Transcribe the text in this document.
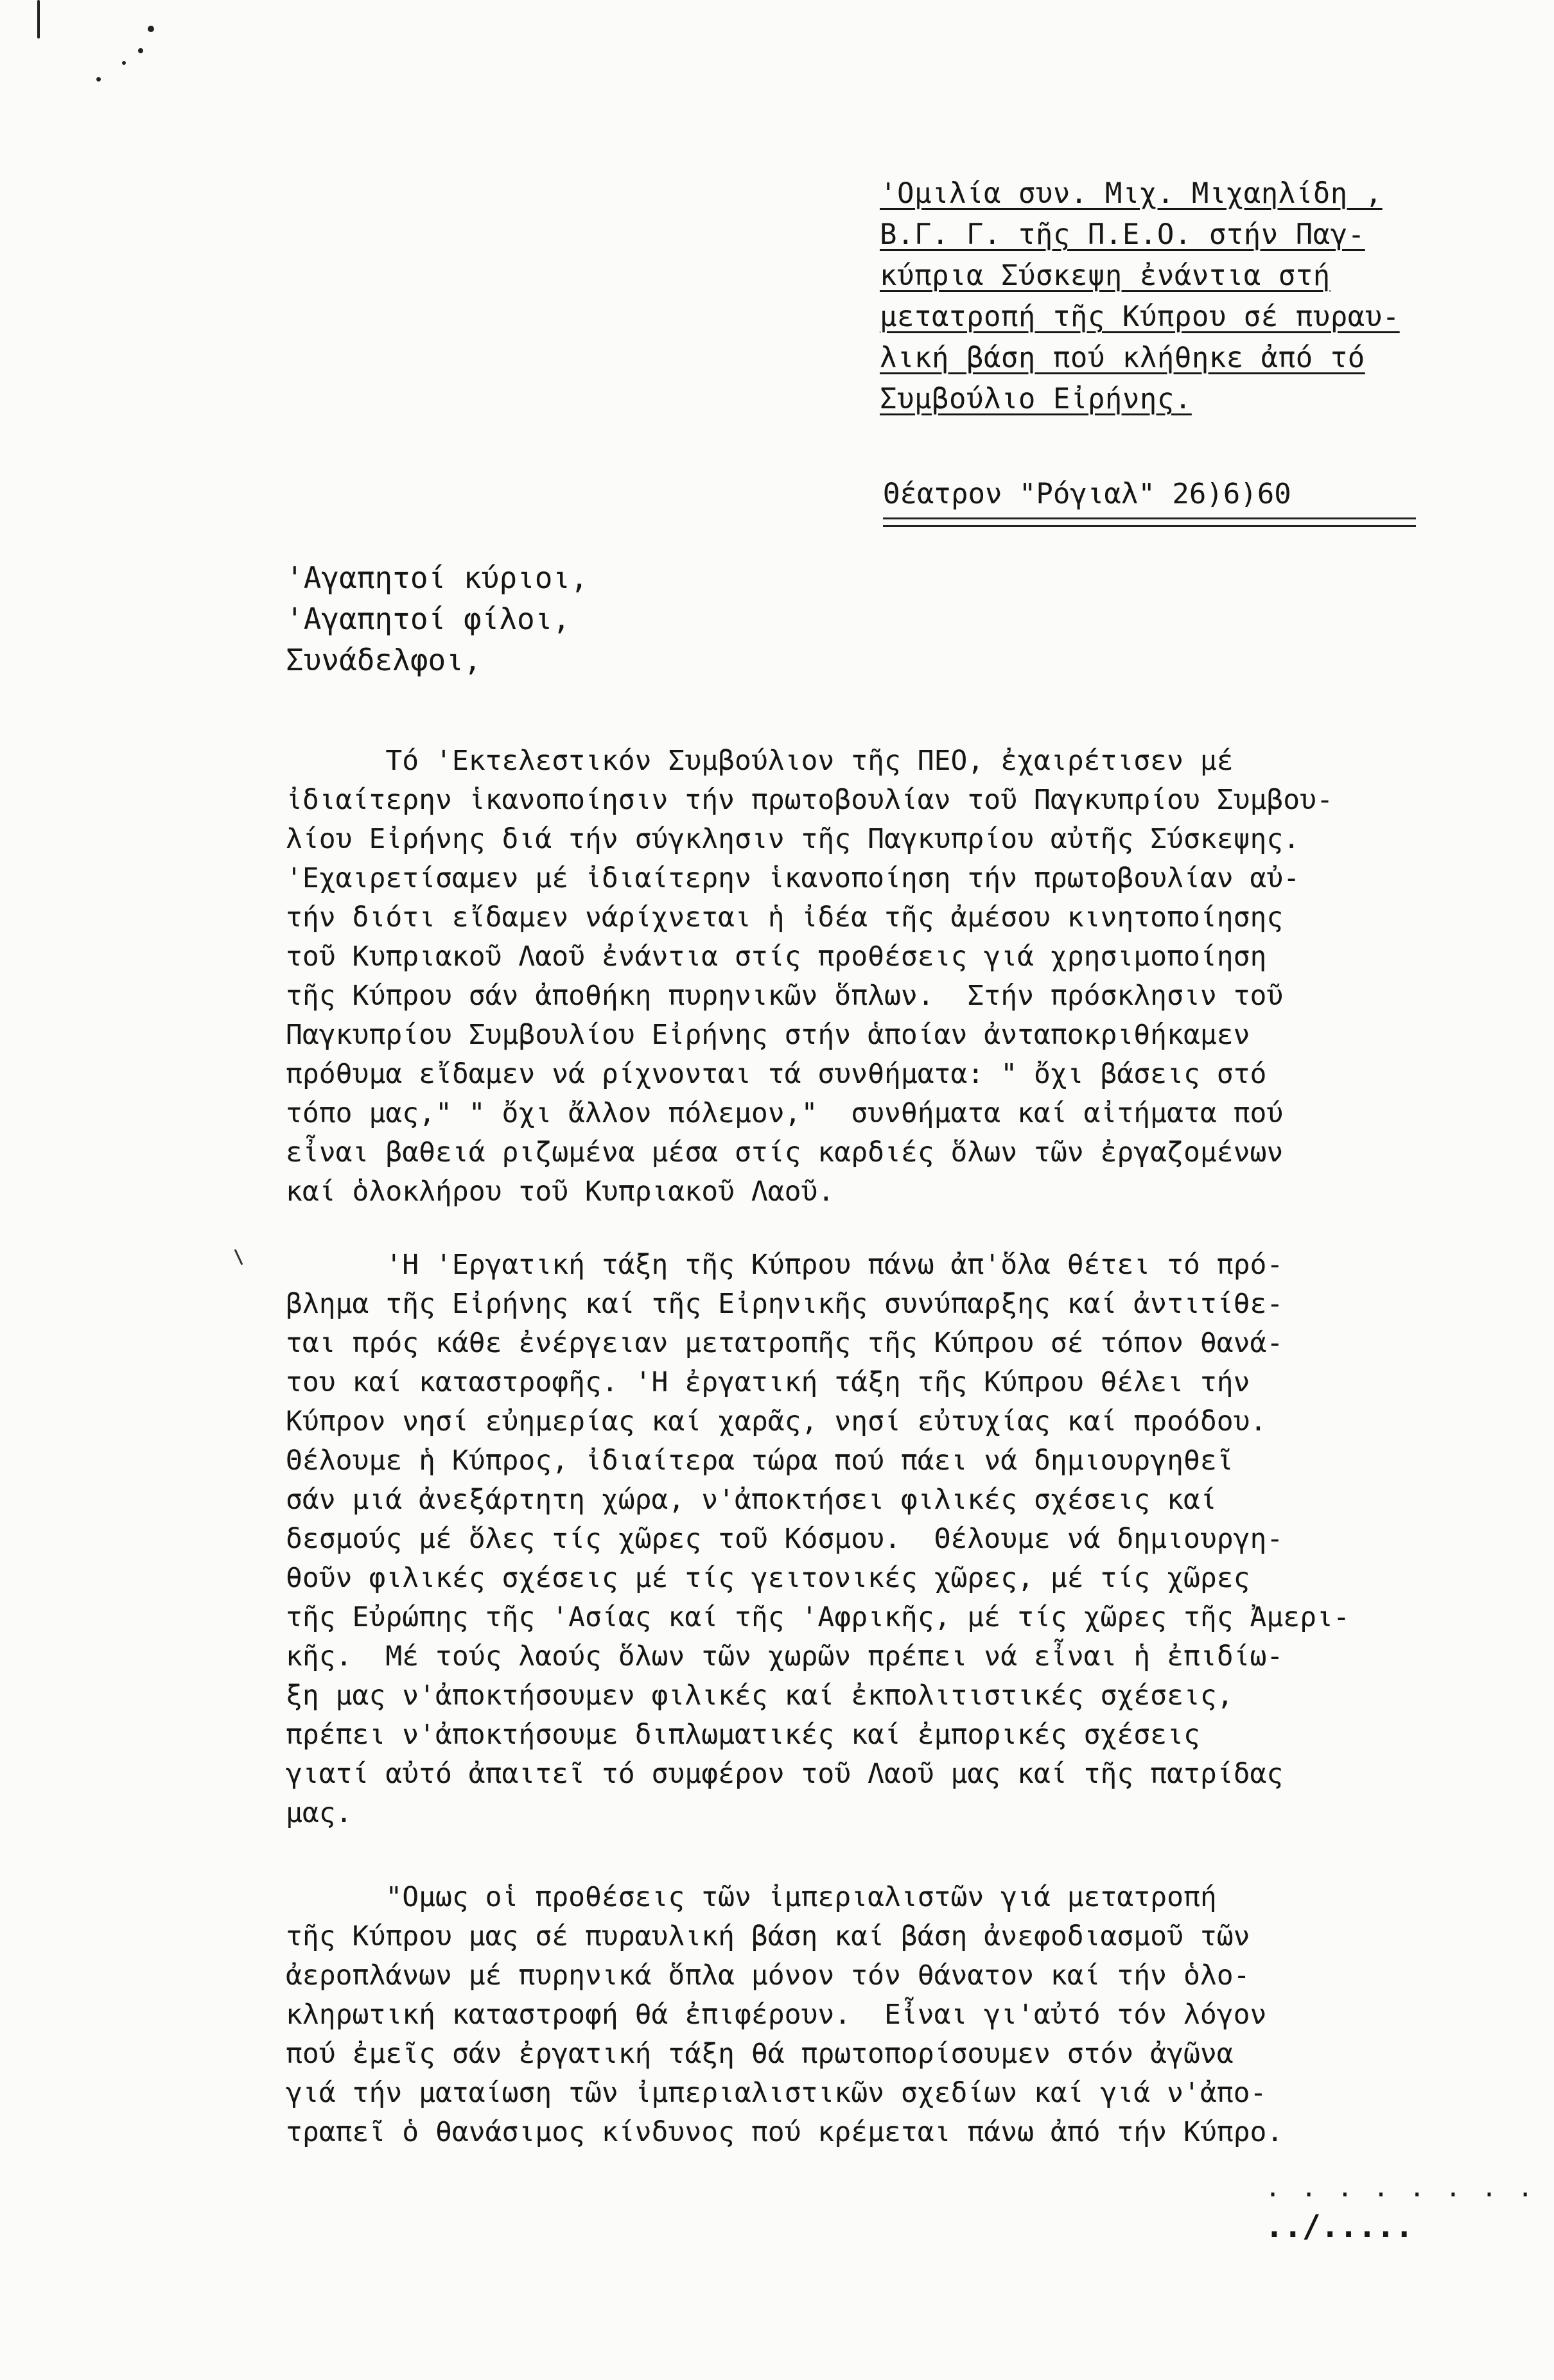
'Ομιλία συν. Μιχ. Μιχαηλίδη ,
Β.Γ. Γ. τῆς Π.Ε.Ο. στήν Παγ-
κύπρια Σύσκεψη ἐνάντια στή
μετατροπή τῆς Κύπρου σέ πυραυ-
λική βάση πού κλήθηκε ἀπό τό
Συμβούλιο Εἰρήνης.
Θέατρον "Ρόγιαλ" 26)6)60
'Αγαπητοί κύριοι,
'Αγαπητοί φίλοι,
Συνάδελφοι,
Τό 'Εκτελεστικόν Συμβούλιον τῆς ΠΕΟ, ἐχαιρέτισεν μέ
ἰδιαίτερην ἱκανοποίησιν τήν πρωτοβουλίαν τοῦ Παγκυπρίου Συμβου-
λίου Εἰρήνης διά τήν σύγκλησιν τῆς Παγκυπρίου αὐτῆς Σύσκεψης.
'Εχαιρετίσαμεν μέ ἰδιαίτερην ἱκανοποίηση τήν πρωτοβουλίαν αὐ-
τήν διότι εἴδαμεν νάρίχνεται ἡ ἰδέα τῆς ἀμέσου κινητοποίησης
τοῦ Κυπριακοῦ Λαοῦ ἐνάντια στίς προθέσεις γιά χρησιμοποίηση
τῆς Κύπρου σάν ἀποθήκη πυρηνικῶν ὅπλων.  Στήν πρόσκλησιν τοῦ
Παγκυπρίου Συμβουλίου Εἰρήνης στήν ἁποίαν ἀνταποκριθήκαμεν
πρόθυμα εἴδαμεν νά ρίχνονται τά συνθήματα: " ὄχι βάσεις στό
τόπο μας," " ὄχι ἄλλον πόλεμον,"  συνθήματα καί αἰτήματα πού
εἶναι βαθειά ριζωμένα μέσα στίς καρδιές ὅλων τῶν ἐργαζομένων
καί ὁλοκλήρου τοῦ Κυπριακοῦ Λαοῦ.
'Η 'Εργατική τάξη τῆς Κύπρου πάνω ἀπ'ὅλα θέτει τό πρό-
βλημα τῆς Εἰρήνης καί τῆς Εἰρηνικῆς συνύπαρξης καί ἀντιτίθε-
ται πρός κάθε ἐνέργειαν μετατροπῆς τῆς Κύπρου σέ τόπον θανά-
του καί καταστροφῆς. 'Η ἐργατική τάξη τῆς Κύπρου θέλει τήν
Κύπρον νησί εὐημερίας καί χαρᾶς, νησί εὐτυχίας καί προόδου.
Θέλουμε ἡ Κύπρος, ἰδιαίτερα τώρα πού πάει νά δημιουργηθεῖ
σάν μιά ἀνεξάρτητη χώρα, ν'ἀποκτήσει φιλικές σχέσεις καί
δεσμούς μέ ὅλες τίς χῶρες τοῦ Κόσμου.  Θέλουμε νά δημιουργη-
θοῦν φιλικές σχέσεις μέ τίς γειτονικές χῶρες, μέ τίς χῶρες
τῆς Εὐρώπης τῆς 'Ασίας καί τῆς 'Αφρικῆς, μέ τίς χῶρες τῆς Ἀμερι-
κῆς.  Μέ τούς λαούς ὅλων τῶν χωρῶν πρέπει νά εἶναι ἡ ἐπιδίω-
ξη μας ν'ἀποκτήσουμεν φιλικές καί ἐκπολιτιστικές σχέσεις,
πρέπει ν'ἀποκτήσουμε διπλωματικές καί ἐμπορικές σχέσεις
γιατί αὐτό ἀπαιτεῖ τό συμφέρον τοῦ Λαοῦ μας καί τῆς πατρίδας
μας.
"Ομως οἱ προθέσεις τῶν ἰμπεριαλιστῶν γιά μετατροπή
τῆς Κύπρου μας σέ πυραυλική βάση καί βάση ἀνεφοδιασμοῦ τῶν
ἀεροπλάνων μέ πυρηνικά ὅπλα μόνον τόν θάνατον καί τήν ὁλο-
κληρωτική καταστροφή θά ἐπιφέρουν.  Εἶναι γι'αὐτό τόν λόγον
πού ἐμεῖς σάν ἐργατική τάξη θά πρωτοπορίσουμεν στόν ἀγῶνα
γιά τήν ματαίωση τῶν ἰμπεριαλιστικῶν σχεδίων καί γιά ν'ἀπο-
τραπεῖ ὁ θανάσιμος κίνδυνος πού κρέμεται πάνω ἀπό τήν Κύπρο.
. . . . . . . .
../.....
